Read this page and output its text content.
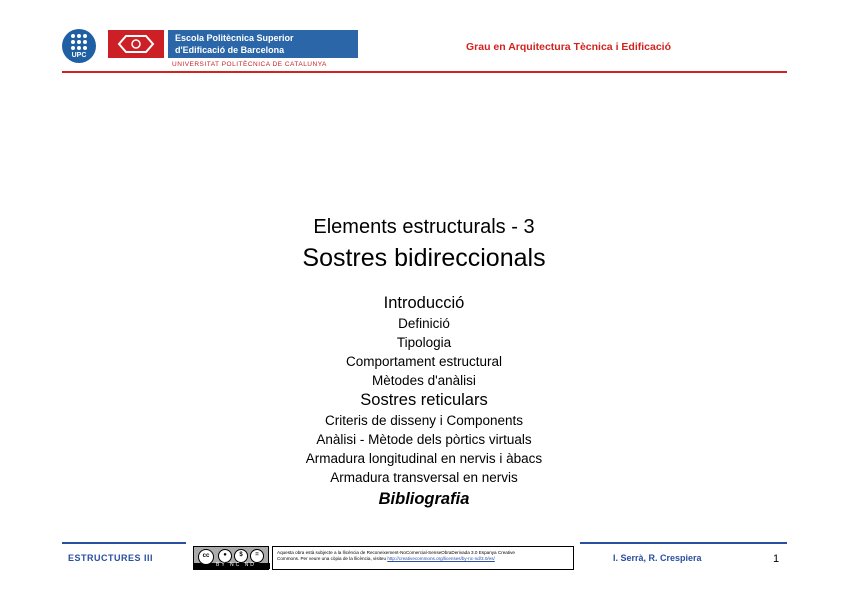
UPC
Escola Politècnica Superior
d'Edificació de Barcelona
UNIVERSITAT POLITÈCNICA DE CATALUNYA
Grau en Arquitectura Tècnica i Edificació
Elements estructurals - 3
Sostres bidireccionals
Introducció
Definició
Tipologia
Comportament estructural
Mètodes d'anàlisi
Sostres reticulars
Criteris de disseny i Components
Anàlisi - Mètode dels pòrtics virtuals
Armadura longitudinal en nervis i àbacs
Armadura transversal en nervis
Bibliografia
ESTRUCTURES III	cc	●	$	=
BY NC ND
Aquesta obra està subjecte a la llicència de Reconeixement-NoComercial-SenseObraDerivada 3.0 Espanya Creative
Commons. Per veure una còpia de la llicència, visiteu http://creativecommons.org/licenses/by-nc-nd/3.0/es/	I. Serrà, R. Crespiera	1
